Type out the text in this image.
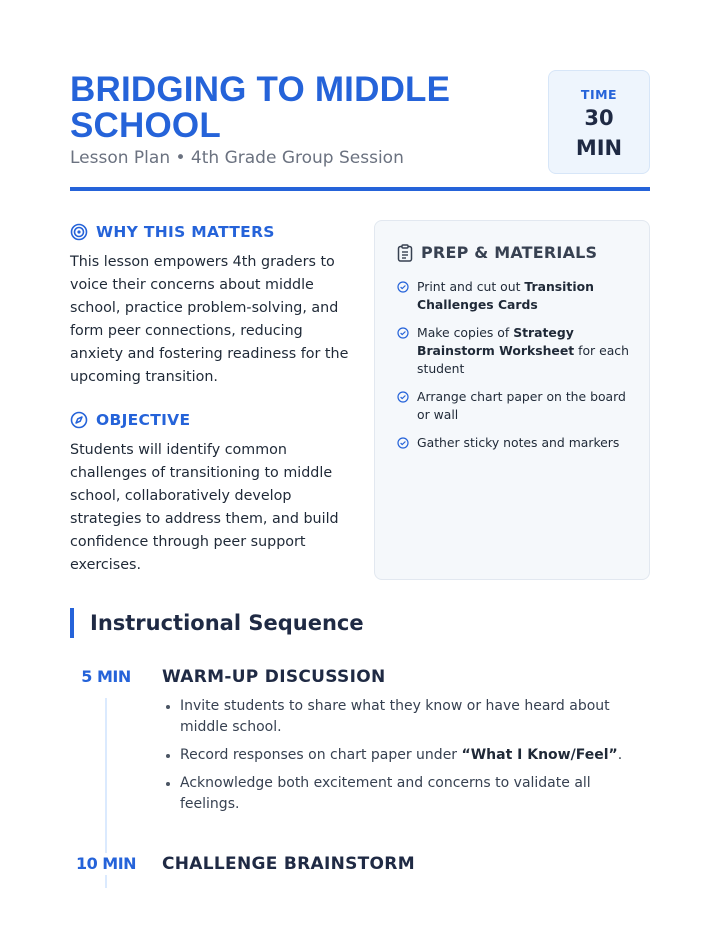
BRIDGING TO MIDDLE SCHOOL
Lesson Plan • 4th Grade Group Session
TIME
30
MIN
WHY THIS MATTERS

This lesson empowers 4th graders to voice their concerns about middle school, practice problem-solving, and form peer connections, reducing anxiety and fostering readiness for the upcoming transition.

OBJECTIVE

Students will identify common challenges of transitioning to middle school, collaboratively develop strategies to address them, and build confidence through peer support exercises.

PREP & MATERIALS
Print and cut out Transition Challenges Cards
Make copies of Strategy Brainstorm Worksheet for each student
Arrange chart paper on the board or wall
Gather sticky notes and markers
Instructional Sequence
5 MIN	WARM-UP DISCUSSION
Invite students to share what they know or have heard about middle school.
Record responses on chart paper under “What I Know/Feel”.
Acknowledge both excitement and concerns to validate all feelings.
10 MIN	CHALLENGE BRAINSTORM
